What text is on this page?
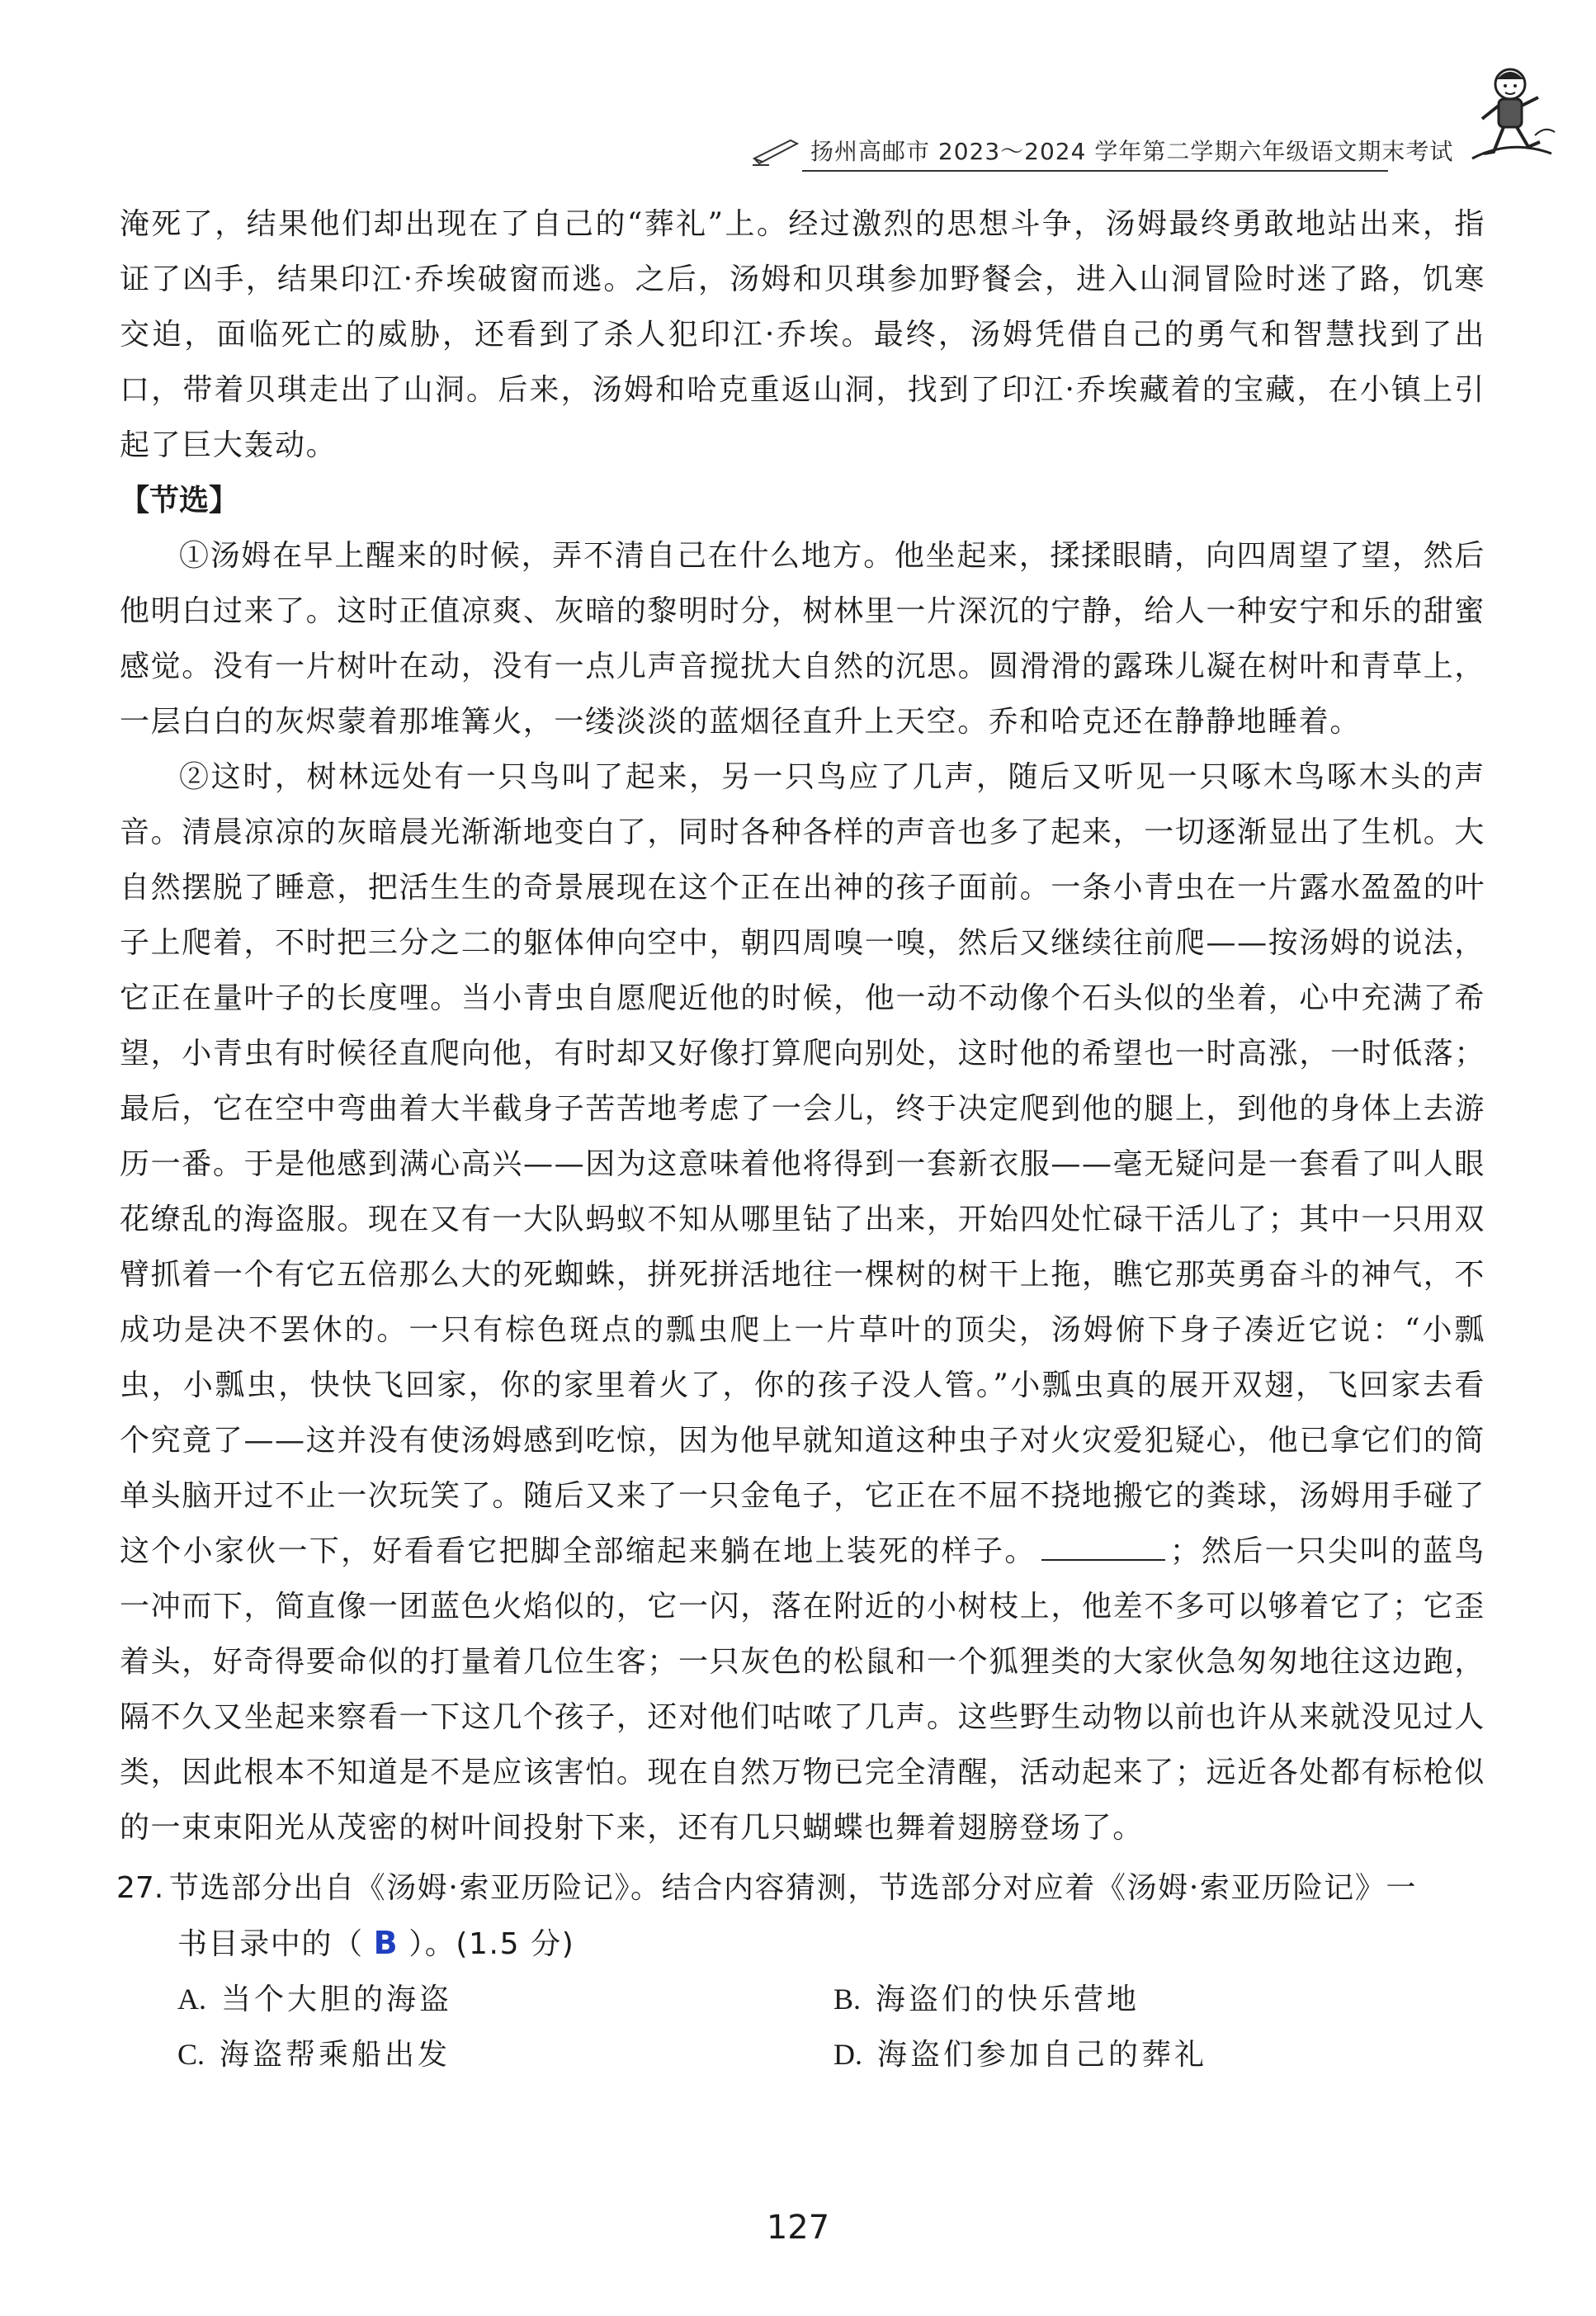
扬州高邮市 2023～2024 学年第二学期六年级语文期末考试

淹死了，结果他们却出现在了自己的“葬礼”上。经过激烈的思想斗争，汤姆最终勇敢地站出来，指证了凶手，结果印江·乔埃破窗而逃。之后，汤姆和贝琪参加野餐会，进入山洞冒险时迷了路，饥寒交迫，面临死亡的威胁，还看到了杀人犯印江·乔埃。最终，汤姆凭借自己的勇气和智慧找到了出口，带着贝琪走出了山洞。后来，汤姆和哈克重返山洞，找到了印江·乔埃藏着的宝藏，在小镇上引起了巨大轰动。

【节选】

①汤姆在早上醒来的时候，弄不清自己在什么地方。他坐起来，揉揉眼睛，向四周望了望，然后他明白过来了。这时正值凉爽、灰暗的黎明时分，树林里一片深沉的宁静，给人一种安宁和乐的甜蜜感觉。没有一片树叶在动，没有一点儿声音搅扰大自然的沉思。圆滑滑的露珠儿凝在树叶和青草上，一层白白的灰烬蒙着那堆篝火，一缕淡淡的蓝烟径直升上天空。乔和哈克还在静静地睡着。

②这时，树林远处有一只鸟叫了起来，另一只鸟应了几声，随后又听见一只啄木鸟啄木头的声音。清晨凉凉的灰暗晨光渐渐地变白了，同时各种各样的声音也多了起来，一切逐渐显出了生机。大自然摆脱了睡意，把活生生的奇景展现在这个正在出神的孩子面前。一条小青虫在一片露水盈盈的叶子上爬着，不时把三分之二的躯体伸向空中，朝四周嗅一嗅，然后又继续往前爬——按汤姆的说法，它正在量叶子的长度哩。当小青虫自愿爬近他的时候，他一动不动像个石头似的坐着，心中充满了希望，小青虫有时候径直爬向他，有时却又好像打算爬向别处，这时他的希望也一时高涨，一时低落；最后，它在空中弯曲着大半截身子苦苦地考虑了一会儿，终于决定爬到他的腿上，到他的身体上去游历一番。于是他感到满心高兴——因为这意味着他将得到一套新衣服——毫无疑问是一套看了叫人眼花缭乱的海盗服。现在又有一大队蚂蚁不知从哪里钻了出来，开始四处忙碌干活儿了；其中一只用双臂抓着一个有它五倍那么大的死蜘蛛，拼死拼活地往一棵树的树干上拖，瞧它那英勇奋斗的神气，不成功是决不罢休的。一只有棕色斑点的瓢虫爬上一片草叶的顶尖，汤姆俯下身子凑近它说：“小瓢虫，小瓢虫，快快飞回家，你的家里着火了，你的孩子没人管。”小瓢虫真的展开双翅，飞回家去看个究竟了——这并没有使汤姆感到吃惊，因为他早就知道这种虫子对火灾爱犯疑心，他已拿它们的简单头脑开过不止一次玩笑了。随后又来了一只金龟子，它正在不屈不挠地搬它的粪球，汤姆用手碰了这个小家伙一下，好看看它把脚全部缩起来躺在地上装死的样子。	；然后一只尖叫的蓝鸟一冲而下，简直像一团蓝色火焰似的，它一闪，落在附近的小树枝上，他差不多可以够着它了；它歪着头，好奇得要命似的打量着几位生客；一只灰色的松鼠和一个狐狸类的大家伙急匆匆地往这边跑，隔不久又坐起来察看一下这几个孩子，还对他们咕哝了几声。这些野生动物以前也许从来就没见过人类，因此根本不知道是不是应该害怕。现在自然万物已完全清醒，活动起来了；远近各处都有标枪似的一束束阳光从茂密的树叶间投射下来，还有几只蝴蝶也舞着翅膀登场了。

27. 节选部分出自《汤姆·索亚历险记》。结合内容猜测，节选部分对应着《汤姆·索亚历险记》一
书目录中的（ B ）。(1.5 分)
A. 当个大胆的海盗	B. 海盗们的快乐营地
C. 海盗帮乘船出发	D. 海盗们参加自己的葬礼
127
